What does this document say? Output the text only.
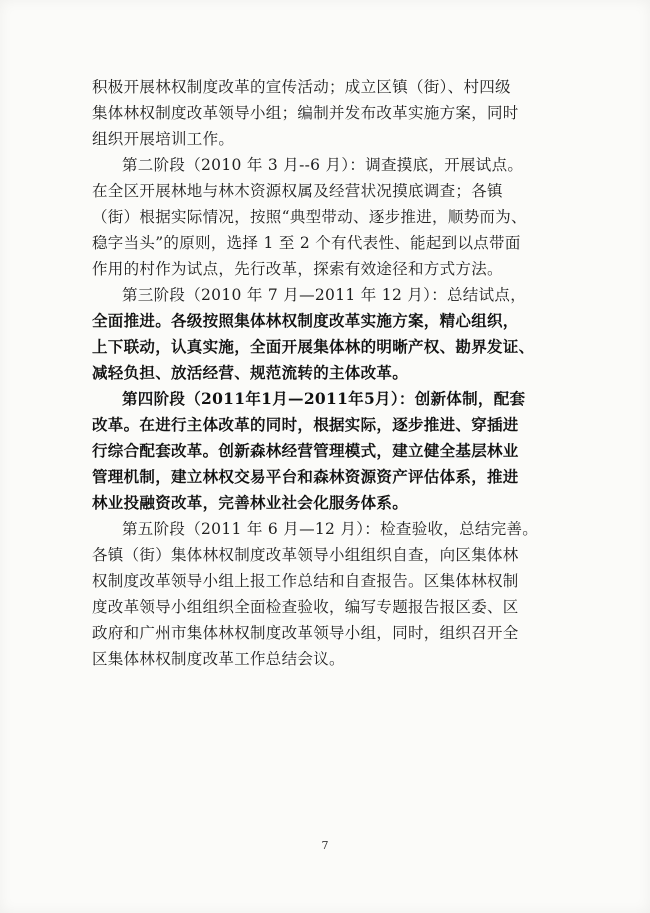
积极开展林权制度改革的宣传活动；成立区镇（街）、村四级
集体林权制度改革领导小组；编制并发布改革实施方案，同时
组织开展培训工作。
第二阶段（2010 年 3 月--6 月）：调查摸底，开展试点。
在全区开展林地与林木资源权属及经营状况摸底调查；各镇
（街）根据实际情况，按照“典型带动、逐步推进，顺势而为、
稳字当头”的原则，选择 1 至 2 个有代表性、能起到以点带面
作用的村作为试点，先行改革，探索有效途径和方式方法。
第三阶段（2010 年 7 月—2011 年 12 月）：总结试点，
全面推进。各级按照集体林权制度改革实施方案，精心组织，
上下联动，认真实施，全面开展集体林的明晰产权、勘界发证、
减轻负担、放活经营、规范流转的主体改革。
第四阶段（2011年1月—2011年5月）：创新体制，配套
改革。在进行主体改革的同时，根据实际，逐步推进、穿插进
行综合配套改革。创新森林经营管理模式，建立健全基层林业
管理机制，建立林权交易平台和森林资源资产评估体系，推进
林业投融资改革，完善林业社会化服务体系。
第五阶段（2011 年 6 月—12 月）：检查验收，总结完善。
各镇（街）集体林权制度改革领导小组组织自查，向区集体林
权制度改革领导小组上报工作总结和自查报告。区集体林权制
度改革领导小组组织全面检查验收，编写专题报告报区委、区
政府和广州市集体林权制度改革领导小组，同时，组织召开全
区集体林权制度改革工作总结会议。
7
